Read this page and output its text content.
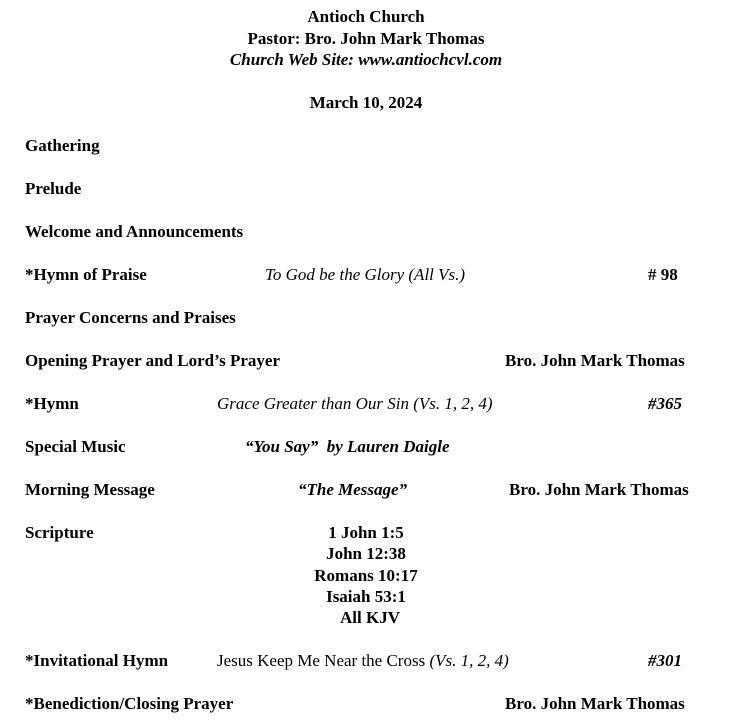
Antioch Church
Pastor: Bro. John Mark Thomas
Church Web Site: www.antiochcvl.com
March 10, 2024
Gathering
Prelude
Welcome and Announcements
*Hymn of Praise	To God be the Glory (All Vs.)	# 98
Prayer Concerns and Praises
Opening Prayer and Lord’s Prayer	Bro. John Mark Thomas
*Hymn	Grace Greater than Our Sin (Vs. 1, 2, 4)	#365
Special Music	“You Say” by Lauren Daigle
Morning Message	“The Message”	Bro. John Mark Thomas
Scripture	1 John 1:5
John 12:38
Romans 10:17
Isaiah 53:1
All KJV
*Invitational Hymn	Jesus Keep Me Near the Cross (Vs. 1, 2, 4)	#301
*Benediction/Closing Prayer	Bro. John Mark Thomas
